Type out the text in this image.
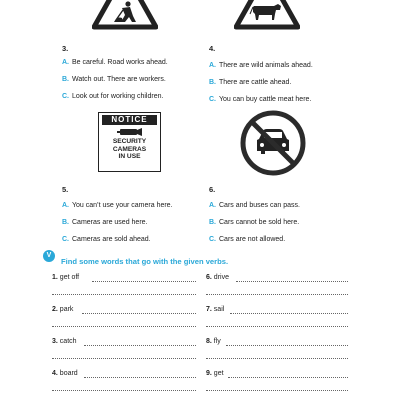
3.
A. Be careful. Road works ahead.
B. Watch out. There are workers.
C. Look out for working children.
4.
A. There are wild animals ahead.
B. There are cattle ahead.
C. You can buy cattle meat here.
NOTICE
SECURITY
CAMERAS
IN USE
5.
A. You can’t use your camera here.
B. Cameras are used here.
C. Cameras are sold ahead.
6.
A. Cars and buses can pass.
B. Cars cannot be sold here.
C. Cars are not allowed.
V
Find some words that go with the given verbs.
1. get off
2. park
3. catch
4. board
6. drive
7. sail
8. fly
9. get
